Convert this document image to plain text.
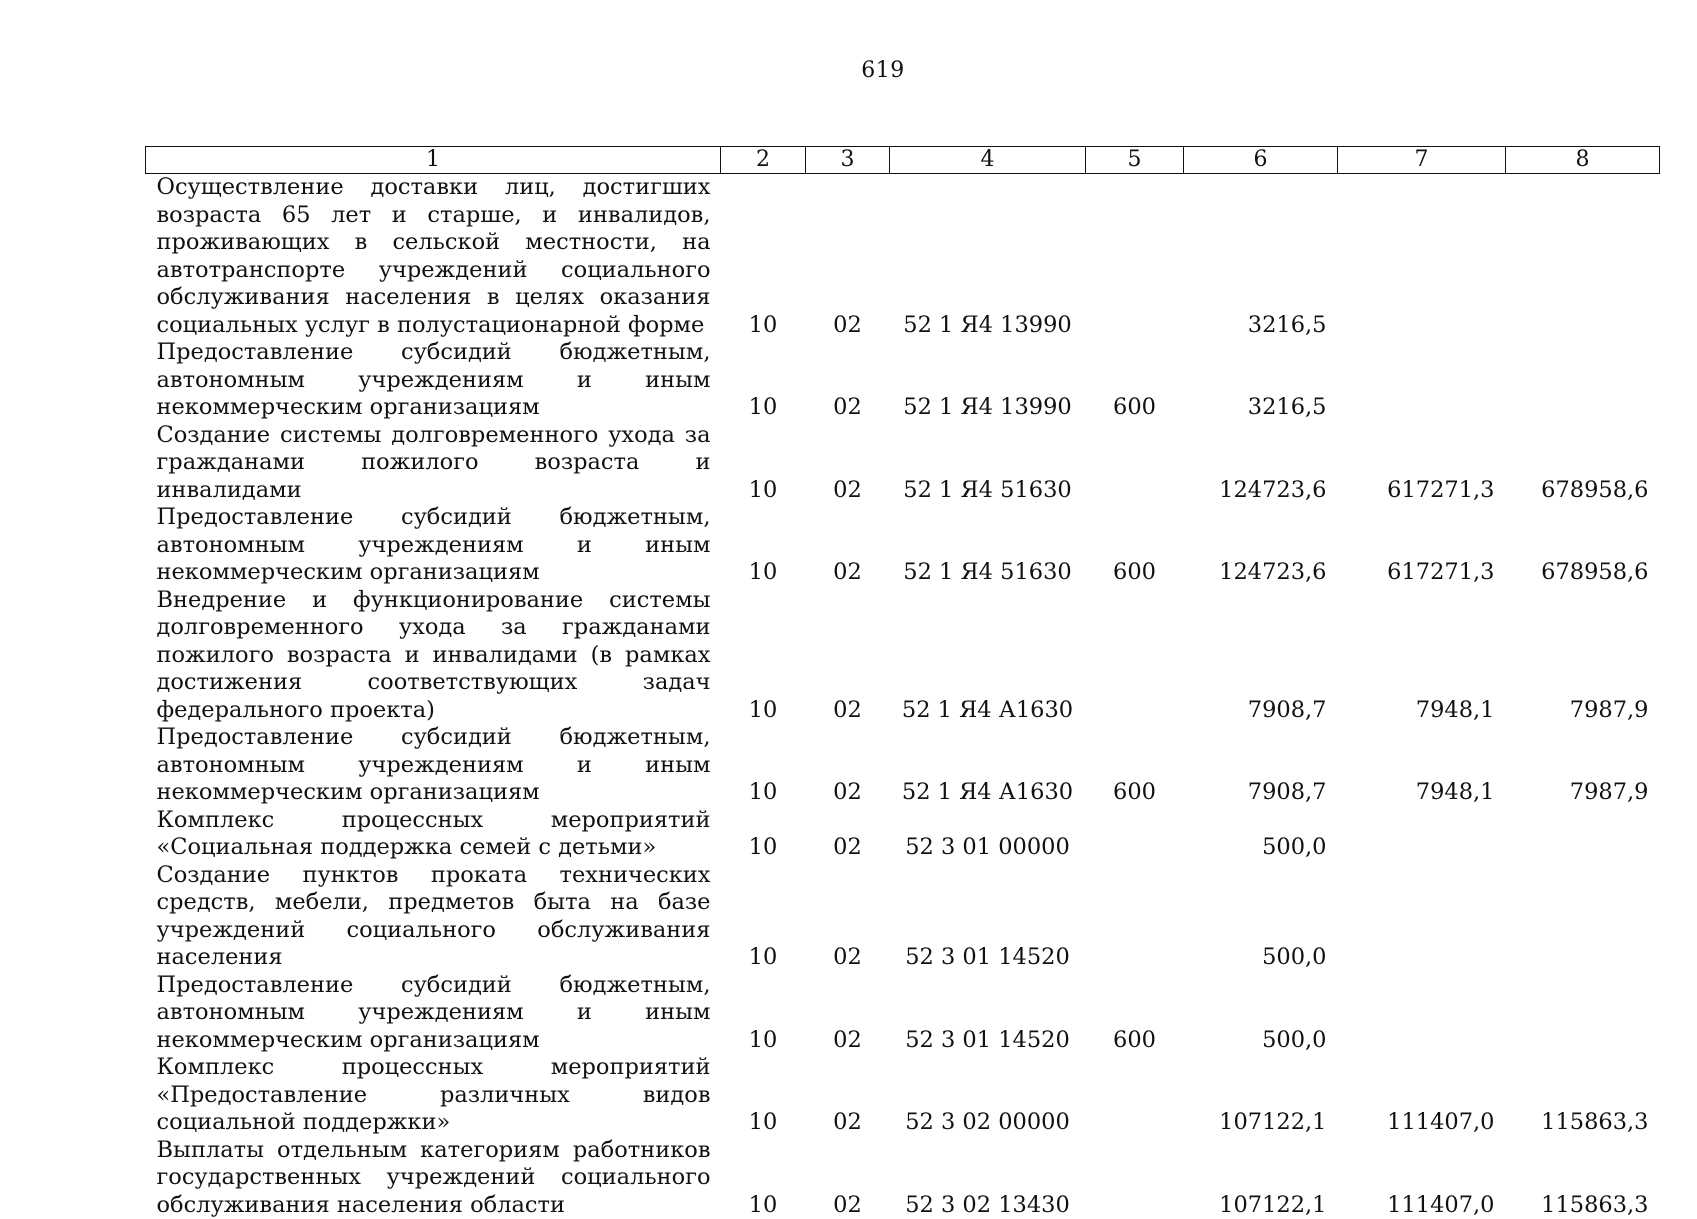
619
1	2	3	4	5	6	7	8
Осуществление доставки лиц, достигших возраста 65 лет и старше, и инвалидов, проживающих в сельской местности, на автотранспорте учреждений социального обслуживания населения в целях оказания социальных услуг в полустационарной форме	10	02	52 1 Я4 13990		3216,5		
Предоставление субсидий бюджетным, автономным учреждениям и иным некоммерческим организациям	10	02	52 1 Я4 13990	600	3216,5		
Создание системы долговременного ухода за гражданами пожилого возраста и инвалидами	10	02	52 1 Я4 51630		124723,6	617271,3	678958,6
Предоставление субсидий бюджетным, автономным учреждениям и иным некоммерческим организациям	10	02	52 1 Я4 51630	600	124723,6	617271,3	678958,6
Внедрение и функционирование системы долговременного ухода за гражданами пожилого возраста и инвалидами (в рамках достижения соответствующих задач федерального проекта)	10	02	52 1 Я4 А1630		7908,7	7948,1	7987,9
Предоставление субсидий бюджетным, автономным учреждениям и иным некоммерческим организациям	10	02	52 1 Я4 А1630	600	7908,7	7948,1	7987,9
Комплекс процессных мероприятий «Социальная поддержка семей с детьми»	10	02	52 3 01 00000		500,0		
Создание пунктов проката технических средств, мебели, предметов быта на базе учреждений социального обслуживания населения	10	02	52 3 01 14520		500,0		
Предоставление субсидий бюджетным, автономным учреждениям и иным некоммерческим организациям	10	02	52 3 01 14520	600	500,0		
Комплекс процессных мероприятий «Предоставление различных видов социальной поддержки»	10	02	52 3 02 00000		107122,1	111407,0	115863,3
Выплаты отдельным категориям работников государственных учреждений социального обслуживания населения области	10	02	52 3 02 13430		107122,1	111407,0	115863,3
